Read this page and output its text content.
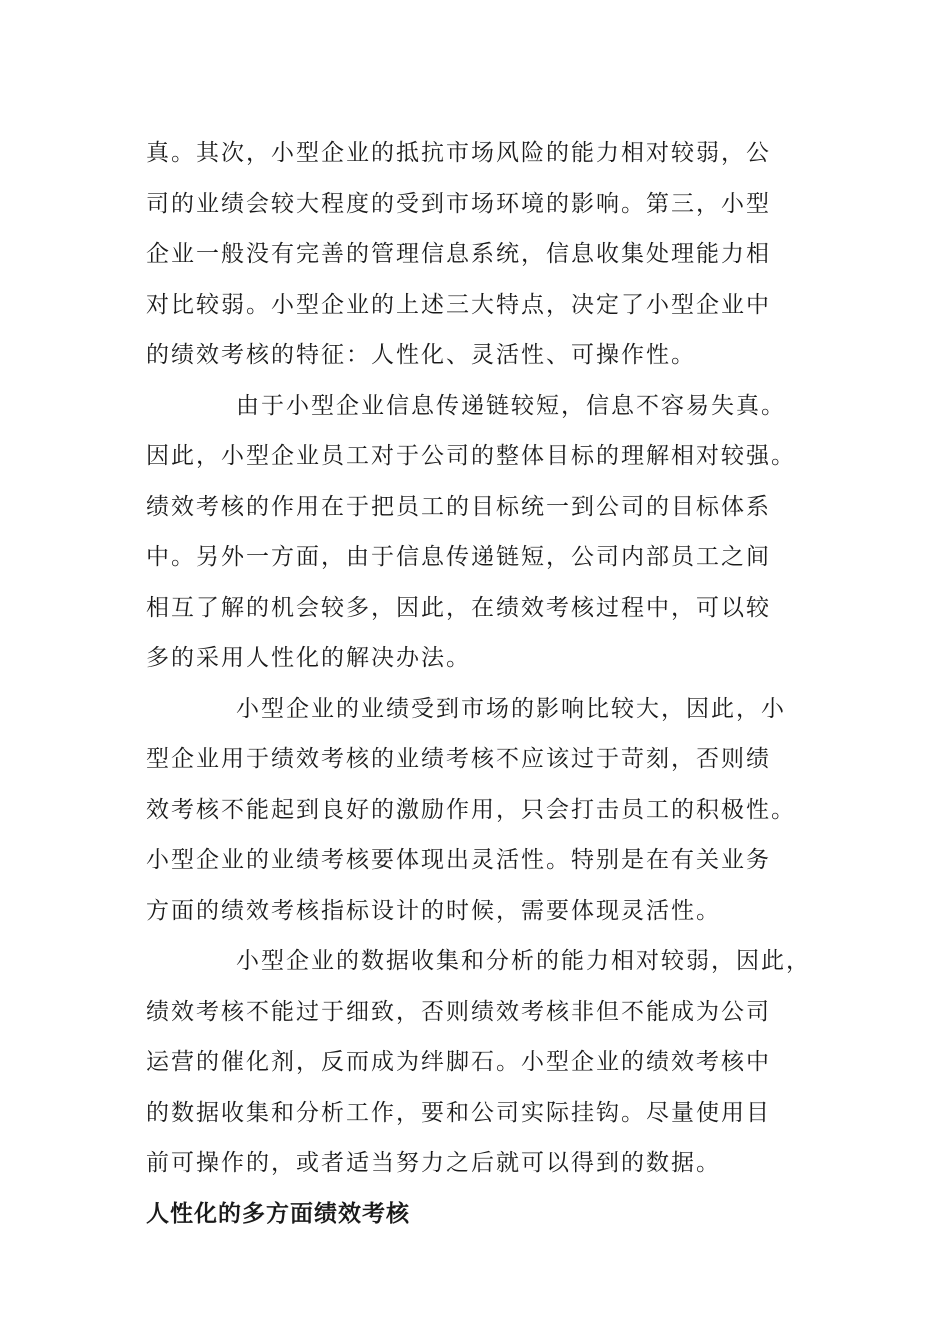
真。其次，小型企业的抵抗市场风险的能力相对较弱，公
司的业绩会较大程度的受到市场环境的影响。第三，小型
企业一般没有完善的管理信息系统，信息收集处理能力相
对比较弱。小型企业的上述三大特点，决定了小型企业中
的绩效考核的特征：人性化、灵活性、可操作性。
由于小型企业信息传递链较短，信息不容易失真。
因此，小型企业员工对于公司的整体目标的理解相对较强。
绩效考核的作用在于把员工的目标统一到公司的目标体系
中。另外一方面，由于信息传递链短，公司内部员工之间
相互了解的机会较多，因此，在绩效考核过程中，可以较
多的采用人性化的解决办法。
小型企业的业绩受到市场的影响比较大，因此，小
型企业用于绩效考核的业绩考核不应该过于苛刻，否则绩
效考核不能起到良好的激励作用，只会打击员工的积极性。
小型企业的业绩考核要体现出灵活性。特别是在有关业务
方面的绩效考核指标设计的时候，需要体现灵活性。
小型企业的数据收集和分析的能力相对较弱，因此，
绩效考核不能过于细致，否则绩效考核非但不能成为公司
运营的催化剂，反而成为绊脚石。小型企业的绩效考核中
的数据收集和分析工作，要和公司实际挂钩。尽量使用目
前可操作的，或者适当努力之后就可以得到的数据。
人性化的多方面绩效考核
